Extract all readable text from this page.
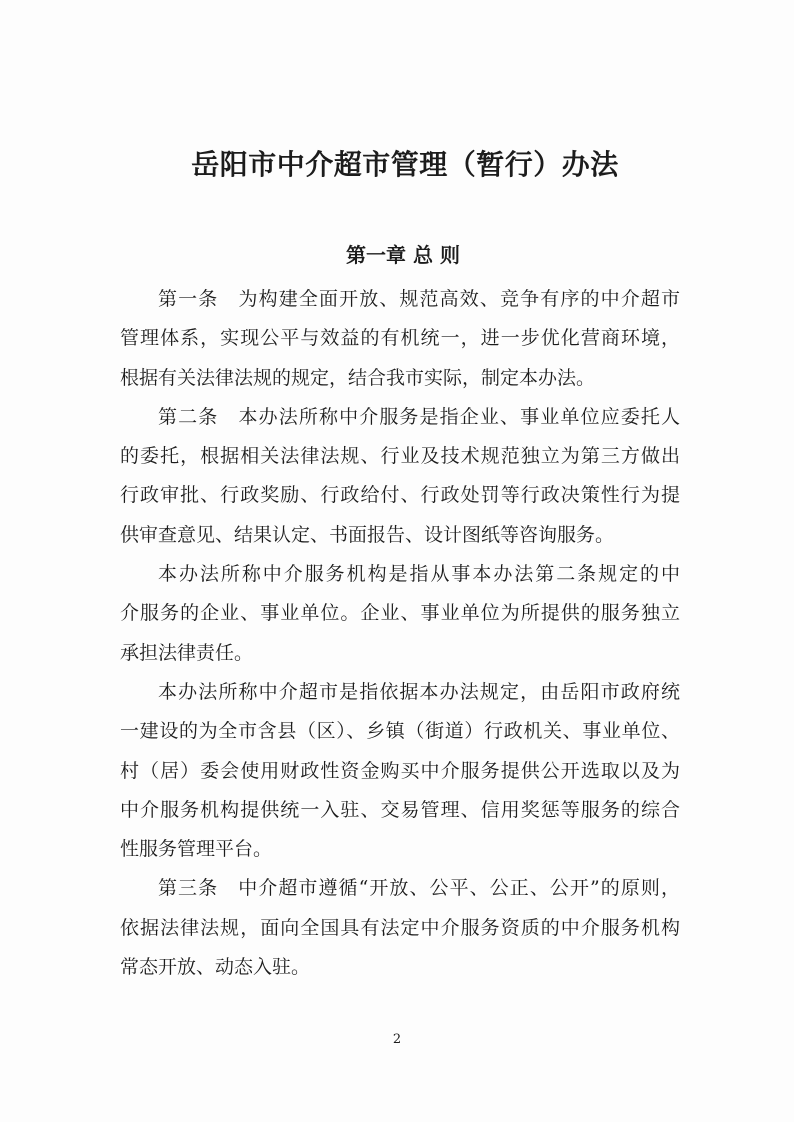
岳阳市中介超市管理（暂行）办法
第一章 总 则
第一条　为构建全面开放、规范高效、竞争有序的中介超市
管理体系，实现公平与效益的有机统一，进一步优化营商环境，
根据有关法律法规的规定，结合我市实际，制定本办法。
第二条　本办法所称中介服务是指企业、事业单位应委托人
的委托，根据相关法律法规、行业及技术规范独立为第三方做出
行政审批、行政奖励、行政给付、行政处罚等行政决策性行为提
供审查意见、结果认定、书面报告、设计图纸等咨询服务。
本办法所称中介服务机构是指从事本办法第二条规定的中
介服务的企业、事业单位。企业、事业单位为所提供的服务独立
承担法律责任。
本办法所称中介超市是指依据本办法规定，由岳阳市政府统
一建设的为全市含县（区）、乡镇（街道）行政机关、事业单位、
村（居）委会使用财政性资金购买中介服务提供公开选取以及为
中介服务机构提供统一入驻、交易管理、信用奖惩等服务的综合
性服务管理平台。
第三条　中介超市遵循“开放、公平、公正、公开”的原则，
依据法律法规，面向全国具有法定中介服务资质的中介服务机构
常态开放、动态入驻。
2
